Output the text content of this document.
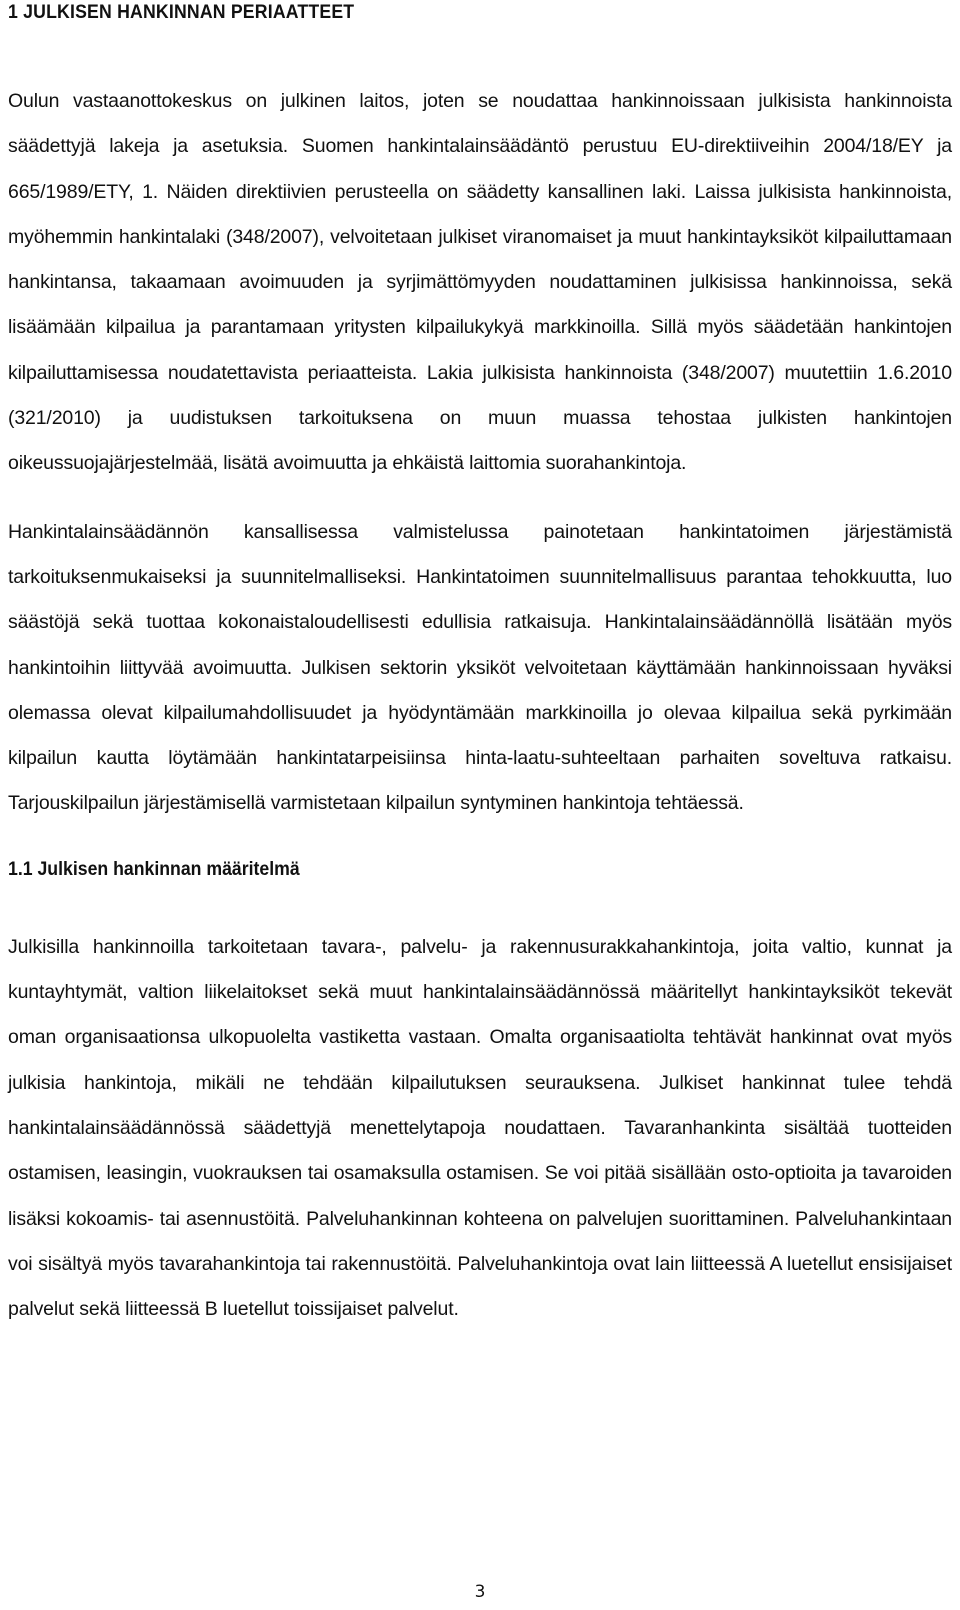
1 JULKISEN HANKINNAN PERIAATTEET

Oulun vastaanottokeskus on julkinen laitos, joten se noudattaa hankinnoissaan julkisista hankinnoista säädettyjä lakeja ja asetuksia. Suomen hankintalainsäädäntö perustuu EU-direktiiveihin 2004/18/EY ja 665/1989/ETY, 1. Näiden direktiivien perusteella on säädetty kansallinen laki. Laissa julkisista hankinnoista, myöhemmin hankintalaki (348/2007), velvoitetaan julkiset viranomaiset ja muut hankintayksiköt kilpailuttamaan hankintansa, takaamaan avoimuuden ja syrjimättömyyden noudattaminen julkisissa hankinnoissa, sekä lisäämään kilpailua ja parantamaan yritysten kilpailukykyä markkinoilla. Sillä myös säädetään hankintojen kilpailuttamisessa noudatettavista periaatteista. Lakia julkisista hankinnoista (348/2007) muutettiin 1.6.2010 (321/2010) ja uudistuksen tarkoituksena on muun muassa tehostaa julkisten hankintojen oikeussuojajärjestelmää, lisätä avoimuutta ja ehkäistä laittomia suorahankintoja.

Hankintalainsäädännön kansallisessa valmistelussa painotetaan hankintatoimen järjestämistä tarkoituksenmukaiseksi ja suunnitelmalliseksi. Hankintatoimen suunnitelmallisuus parantaa tehokkuutta, luo säästöjä sekä tuottaa kokonaistaloudellisesti edullisia ratkaisuja. Hankintalainsäädännöllä lisätään myös hankintoihin liittyvää avoimuutta. Julkisen sektorin yksiköt velvoitetaan käyttämään hankinnoissaan hyväksi olemassa olevat kilpailumahdollisuudet ja hyödyntämään markkinoilla jo olevaa kilpailua sekä pyrkimään kilpailun kautta löytämään hankintatarpeisiinsa hinta-laatu-suhteeltaan parhaiten soveltuva ratkaisu. Tarjouskilpailun järjestämisellä varmistetaan kilpailun syntyminen hankintoja tehtäessä.

1.1 Julkisen hankinnan määritelmä

Julkisilla hankinnoilla tarkoitetaan tavara-, palvelu- ja rakennusurakkahankintoja, joita valtio, kunnat ja kuntayhtymät, valtion liikelaitokset sekä muut hankintalainsäädännössä määritellyt hankintayksiköt tekevät oman organisaationsa ulkopuolelta vastiketta vastaan. Omalta organisaatiolta tehtävät hankinnat ovat myös julkisia hankintoja, mikäli ne tehdään kilpailutuksen seurauksena. Julkiset hankinnat tulee tehdä hankintalainsäädännössä säädettyjä menettelytapoja noudattaen. Tavaranhankinta sisältää tuotteiden ostamisen, leasingin, vuokrauksen tai osamaksulla ostamisen. Se voi pitää sisällään osto-optioita ja tavaroiden lisäksi kokoamis- tai asennustöitä. Palveluhankinnan kohteena on palvelujen suorittaminen. Palveluhankintaan voi sisältyä myös tavarahankintoja tai rakennustöitä. Palveluhankintoja ovat lain liitteessä A luetellut ensisijaiset palvelut sekä liitteessä B luetellut toissijaiset palvelut.

3
